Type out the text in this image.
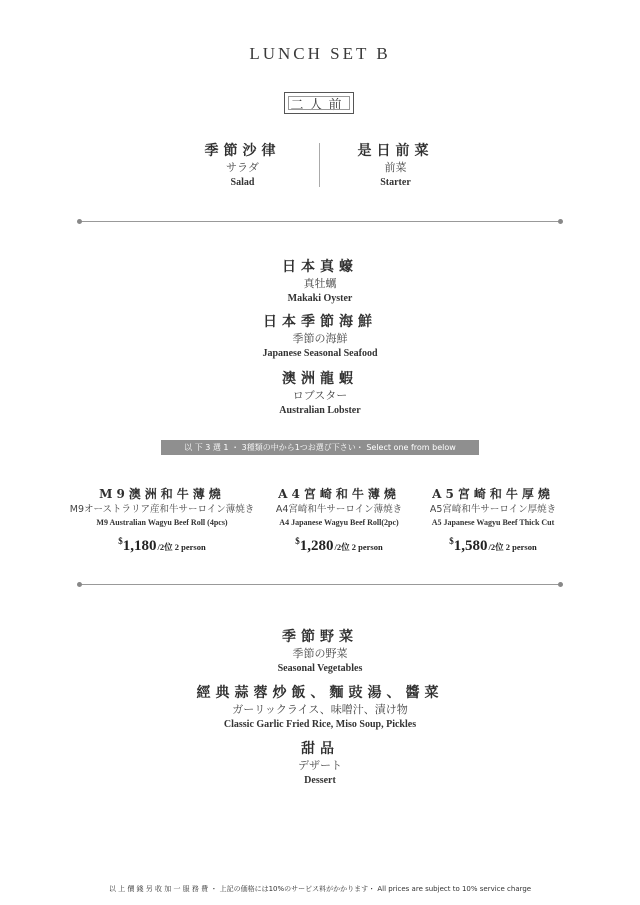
LUNCH SET B
二人前
季節沙律
サラダ
Salad
是日前菜
前菜
Starter
日本真蠔
真牡蠣
Makaki Oyster
日本季節海鮮
季節の海鮮
Japanese Seasonal Seafood
澳洲龍蝦
ロブスター
Australian Lobster
以 下 3 選 1 ・ 3種類の中から1つお選び下さい・ Select one from below
M9澳洲和牛薄燒
M9オーストラリア産和牛サーロイン薄焼き
M9 Australian Wagyu Beef Roll (4pcs)
$1,180/2位 2 person
A4宮崎和牛薄燒
A4宮崎和牛サーロイン薄焼き
A4 Japanese Wagyu Beef Roll(2pc)
$1,280/2位 2 person
A5宮崎和牛厚燒
A5宮崎和牛サーロイン厚焼き
A5 Japanese Wagyu Beef Thick Cut
$1,580/2位 2 person
季節野菜
季節の野菜
Seasonal Vegetables
經典蒜蓉炒飯、麵豉湯、醬菜
ガーリックライス、味噌汁、漬け物
Classic Garlic Fried Rice, Miso Soup, Pickles
甜品
デザート
Dessert
以 上 價 錢 另 收 加 一 服 務 費 ・ 上記の価格には10%のサービス料がかかります・ All prices are subject to 10% service charge
